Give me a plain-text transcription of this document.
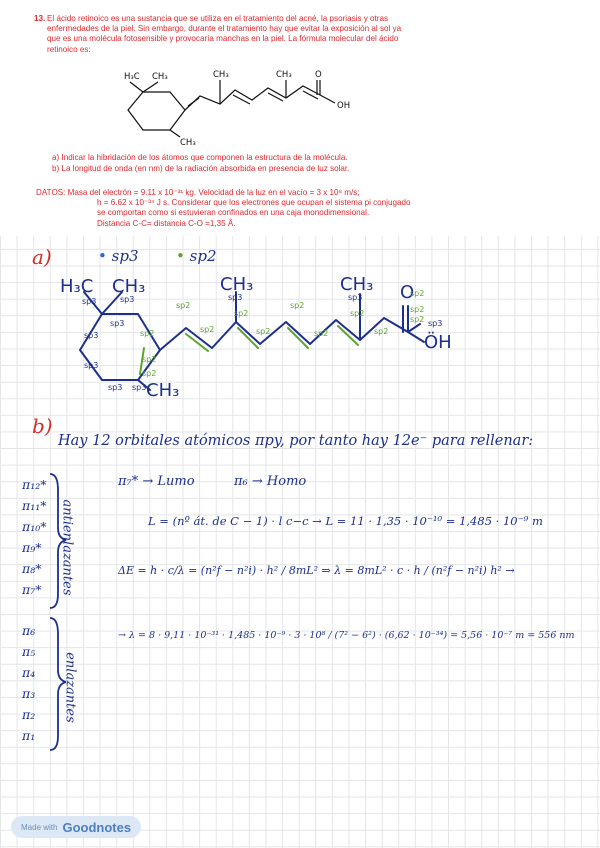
13. El ácido retinoico es una sustancia que se utiliza en el tratamiento del acné, la psoriasis y otras
enfermedades de la piel. Sin embargo, durante el tratamiento hay que evitar la exposición al sol ya
que es una molécula fotosensible y provocaría manchas en la piel. La fórmula molecular del ácido
retinoico es:
H₃C CH₃	CH₃	CH₃	O
OH
CH₃
a) Indicar la hibridación de los átomos que componen la estructura de la molécula.
b) La longitud de onda (en nm) de la radiación absorbida en presencia de luz solar.
DATOS: Masa del electrón = 9.11 x 10⁻³¹ kg. Velocidad de la luz en el vacío = 3 x 10⁸ m/s;
h = 6.62 x 10⁻³⁴ J s. Considerar que los electrones que ocupan el sistema pi conjugado
se comportan como si estuvieran confinados en una caja monodimensional.
Distancia C-C= distancia C-O =1,35 Å.
a)	• sp3	• sp2
H₃C CH₃	CH₃	CH₃ O
ÖH
CH₃
sp3	sp3
sp3
sp3
sp3
sp3 sp3
sp3	sp3
sp3
sp2
sp2
sp2
sp2
sp2
sp2
sp2
sp2
sp2
sp2
sp2
sp2
sp2
sp2
b)
Hay 12 orbitales atómicos πpy, por tanto hay 12e⁻ para rellenar:
π₇* → Lumo	π₆ → Homo
L = (nº át. de C − 1) · l c−c → L = 11 · 1,35 · 10⁻¹⁰ = 1,485 · 10⁻⁹ m
ΔE = h · c/λ = (n²f − n²i) · h² / 8mL² ⇒ λ = 8mL² · c · h / (n²f − n²i) h² →
→ λ = 8 · 9,11 · 10⁻³¹ · 1,485 · 10⁻⁹ · 3 · 10⁸ / (7² − 6²) · (6,62 · 10⁻³⁴) = 5,56 · 10⁻⁷ m = 556 nm
π₁₂*
π₁₁*
π₁₀*
π₉*
π₈*
π₇*
π₆
π₅
π₄
π₃
π₂
π₁
antienlazantes
enlazantes
Made with Goodnotes
